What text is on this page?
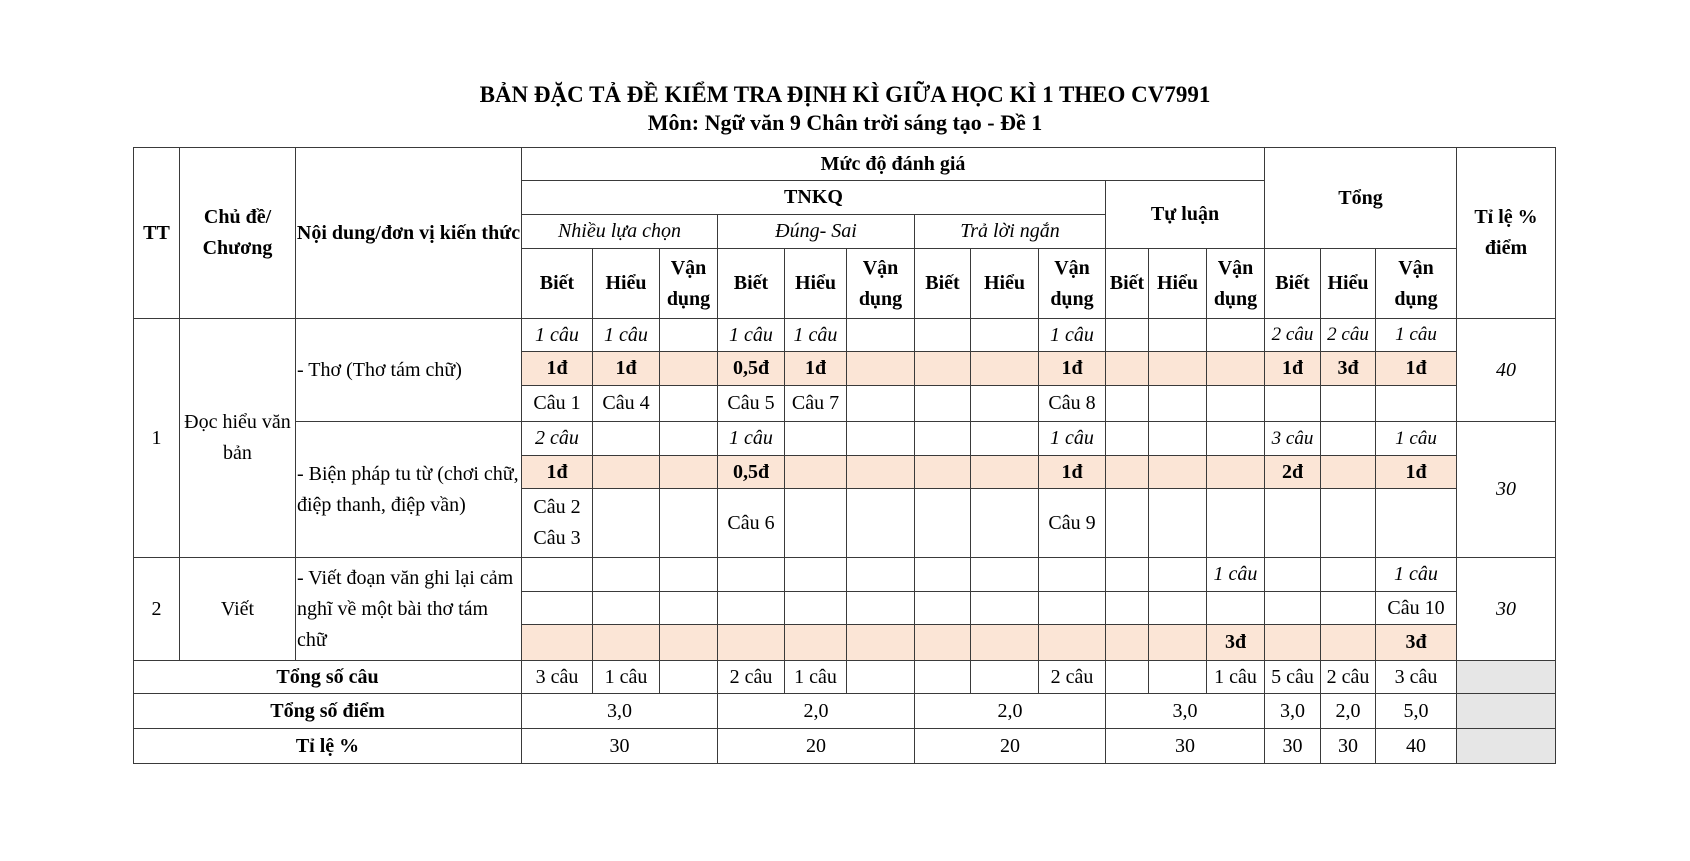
BẢN ĐẶC TẢ ĐỀ KIỂM TRA ĐỊNH KÌ GIỮA HỌC KÌ 1 THEO CV7991
Môn: Ngữ văn 9 Chân trời sáng tạo - Đề 1
TT	Chủ đề/ Chương	Nội dung/đơn vị kiến thức	Mức độ đánh giá												Tổng			Tỉ lệ % điểm
			TNKQ									Tự luận						
			Nhiều lựa chọn			Đúng- Sai			Trả lời ngắn									
			Biết	Hiểu	Vận dụng	Biết	Hiểu	Vận dụng	Biết	Hiểu	Vận dụng	Biết	Hiểu	Vận dụng	Biết	Hiểu	Vận dụng	
1	Đọc hiểu văn bản	- Thơ (Thơ tám chữ)	1 câu	1 câu		1 câu	1 câu				1 câu				2 câu	2 câu	1 câu	40
			1đ	1đ		0,5đ	1đ				1đ				1đ	3đ	1đ	
			Câu 1	Câu 4		Câu 5	Câu 7				Câu 8							
		- Biện pháp tu từ (chơi chữ, điệp thanh, điệp vần)	2 câu			1 câu					1 câu				3 câu		1 câu	30
			1đ			0,5đ					1đ				2đ		1đ	
			Câu 2 Câu 3			Câu 6					Câu 9							
2	Viết	- Viết đoạn văn ghi lại cảm nghĩ về một bài thơ tám chữ												1 câu			1 câu	30
																	Câu 10	
														3đ			3đ	
Tổng số câu			3 câu	1 câu		2 câu	1 câu				2 câu			1 câu	5 câu	2 câu	3 câu	
Tổng số điểm			3,0			2,0			2,0			3,0			3,0	2,0	5,0	
Tỉ lệ %			30			20			20			30			30	30	40	
